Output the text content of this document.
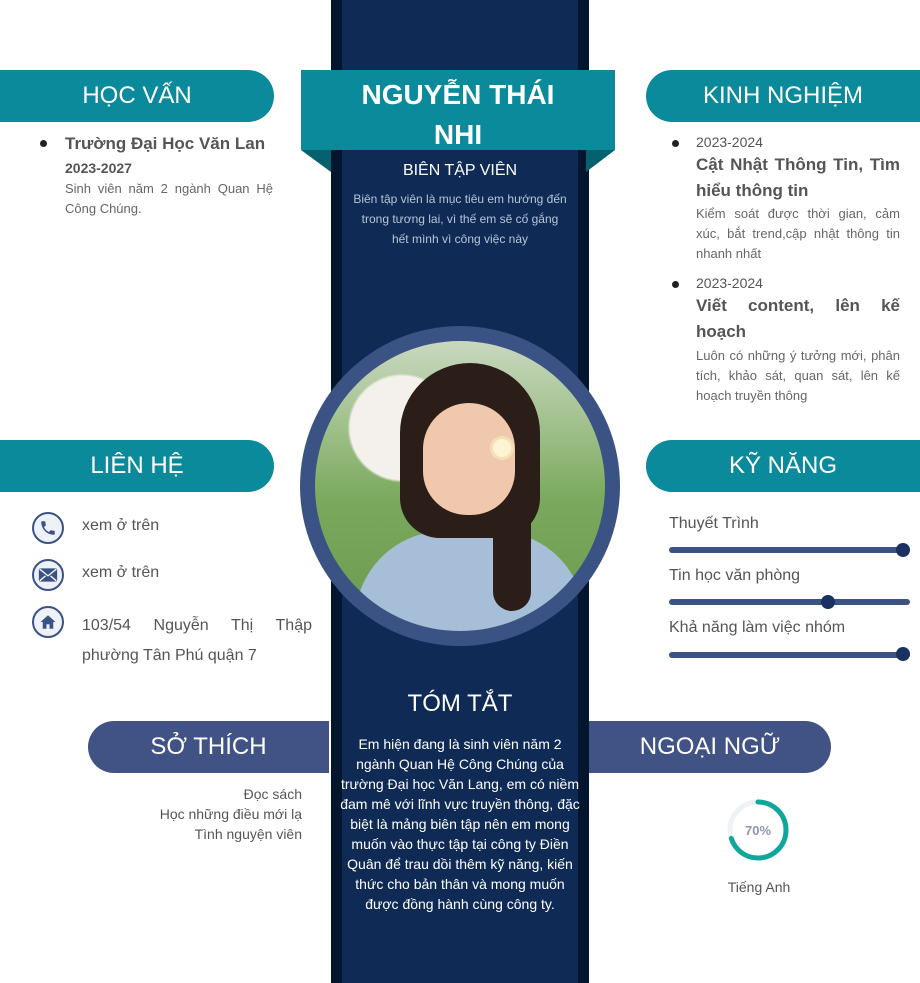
NGUYỄN THÁI
NHI
BIÊN TẬP VIÊN
Biên tập viên là mục tiêu em hướng đến trong tương lai, vì thế em sẽ cố gắng hết mình vì công việc này
HỌC VẤN
LIÊN HỆ
KINH NGHIỆM
KỸ NĂNG
SỞ THÍCH	NGOẠI NGỮ
Trường Đại Học Văn Lan
2023-2027
Sinh viên năm 2 ngành Quan Hệ Công Chúng.
xem ở trên
xem ở trên
103/54 Nguyễn Thị Thập phường Tân Phú quận 7
2023-2024
Cật Nhật Thông Tin, Tìm hiểu thông tin
Kiểm soát được thời gian, cảm xúc, bắt trend,cập nhật thông tin nhanh nhất
2023-2024
Viết content, lên kế hoạch
Luôn có những ý tưởng mới, phân tích, khảo sát, quan sát, lên kế hoạch truyền thông
Thuyết Trình
Tin học văn phòng
Khả năng làm việc nhóm
TÓM TẮT
Em hiện đang là sinh viên năm 2 ngành Quan Hệ Công Chúng của trường Đại học Văn Lang, em có niềm đam mê với lĩnh vực truyền thông, đặc biệt là mảng biên tập nên em mong muốn vào thực tập tại công ty Điền Quân để trau dồi thêm kỹ năng, kiến thức cho bản thân và mong muốn được đồng hành cùng công ty.
Đọc sách
Học những điều mới lạ
Tình nguyện viên	70%
Tiếng Anh
